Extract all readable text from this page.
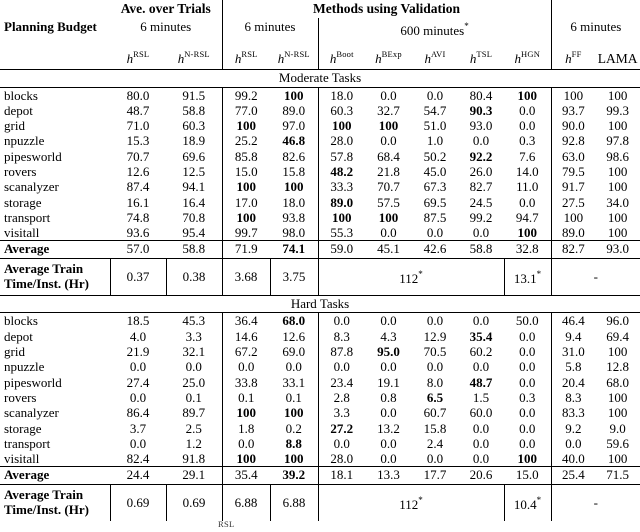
	Ave. over Trials		Methods using Validation								
Planning Budget	6 minutes		6 minutes		600 minutes*					6 minutes	
	$h^{RSL}$	$h^{N-RSL}$	$h^{RSL}$	$h^{N-RSL}$	$h^{Boot}$	$h^{BExp}$	$h^{AVI}$	$h^{TSL}$	$h^{HGN}$	$h^{FF}$	LAMA
Moderate Tasks											
blocks	80.0	91.5	99.2	100	18.0	0.0	0.0	80.4	100	100	100
depot	48.7	58.8	77.0	89.0	60.3	32.7	54.7	90.3	0.0	93.7	99.3
grid	71.0	60.3	100	97.0	100	100	51.0	93.0	0.0	90.0	100
npuzzle	15.3	18.9	25.2	46.8	28.0	0.0	1.0	0.0	0.3	92.8	97.8
pipesworld	70.7	69.6	85.8	82.6	57.8	68.4	50.2	92.2	7.6	63.0	98.6
rovers	12.6	12.5	15.0	15.8	48.2	21.8	45.0	26.0	14.0	79.5	100
scanalyzer	87.4	94.1	100	100	33.3	70.7	67.3	82.7	11.0	91.7	100
storage	16.1	16.4	17.0	18.0	89.0	57.5	69.5	24.5	0.0	27.5	34.0
transport	74.8	70.8	100	93.8	100	100	87.5	99.2	94.7	100	100
visitall	93.6	95.4	99.7	98.0	55.3	0.0	0.0	0.0	100	89.0	100
Average	57.0	58.8	71.9	74.1	59.0	45.1	42.6	58.8	32.8	82.7	93.0
Average Train
Time/Inst. (Hr)	0.37	0.38	3.68	3.75	112*				13.1*	-	
Hard Tasks											
blocks	18.5	45.3	36.4	68.0	0.0	0.0	0.0	0.0	50.0	46.4	96.0
depot	4.0	3.3	14.6	12.6	8.3	4.3	12.9	35.4	0.0	9.4	69.4
grid	21.9	32.1	67.2	69.0	87.8	95.0	70.5	60.2	0.0	31.0	100
npuzzle	0.0	0.0	0.0	0.0	0.0	0.0	0.0	0.0	0.0	5.8	12.8
pipesworld	27.4	25.0	33.8	33.1	23.4	19.1	8.0	48.7	0.0	20.4	68.0
rovers	0.0	0.1	0.1	0.1	2.8	0.8	6.5	1.5	0.3	8.3	100
scanalyzer	86.4	89.7	100	100	3.3	0.0	60.7	60.0	0.0	83.3	100
storage	3.7	2.5	1.8	0.2	27.2	13.2	15.8	0.0	0.0	9.2	9.0
transport	0.0	1.2	0.0	8.8	0.0	0.0	2.4	0.0	0.0	0.0	59.6
visitall	82.4	91.8	100	100	28.0	0.0	0.0	0.0	100	40.0	100
Average	24.4	29.1	35.4	39.2	18.1	13.3	17.7	20.6	15.0	25.4	71.5
Average Train
Time/Inst. (Hr)	0.69	0.69	6.88	6.88	112*				10.4*	-	
RSL
